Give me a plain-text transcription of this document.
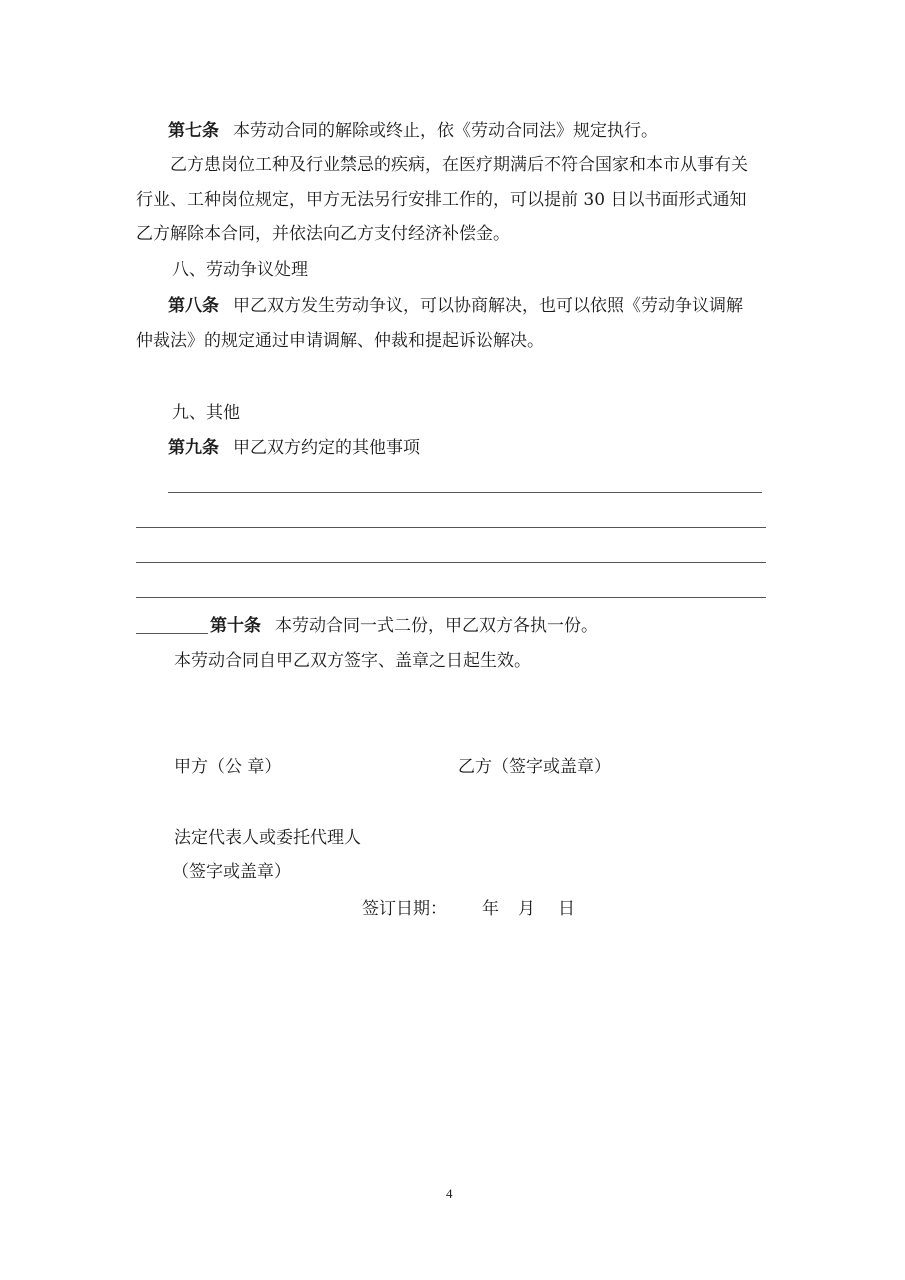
第七条 本劳动合同的解除或终止，依《劳动合同法》规定执行。
乙方患岗位工种及行业禁忌的疾病，在医疗期满后不符合国家和本市从事有关
行业、工种岗位规定，甲方无法另行安排工作的，可以提前 30 日以书面形式通知
乙方解除本合同，并依法向乙方支付经济补偿金。
八、劳动争议处理
第八条 甲乙双方发生劳动争议，可以协商解决，也可以依照《劳动争议调解
仲裁法》的规定通过申请调解、仲裁和提起诉讼解决。
九、其他
第九条 甲乙双方约定的其他事项
第十条 本劳动合同一式二份，甲乙双方各执一份。
本劳动合同自甲乙双方签字、盖章之日起生效。
甲方（公 章）	乙方（签字或盖章）
法定代表人或委托代理人
（签字或盖章）
签订日期： 年 月 日
4
